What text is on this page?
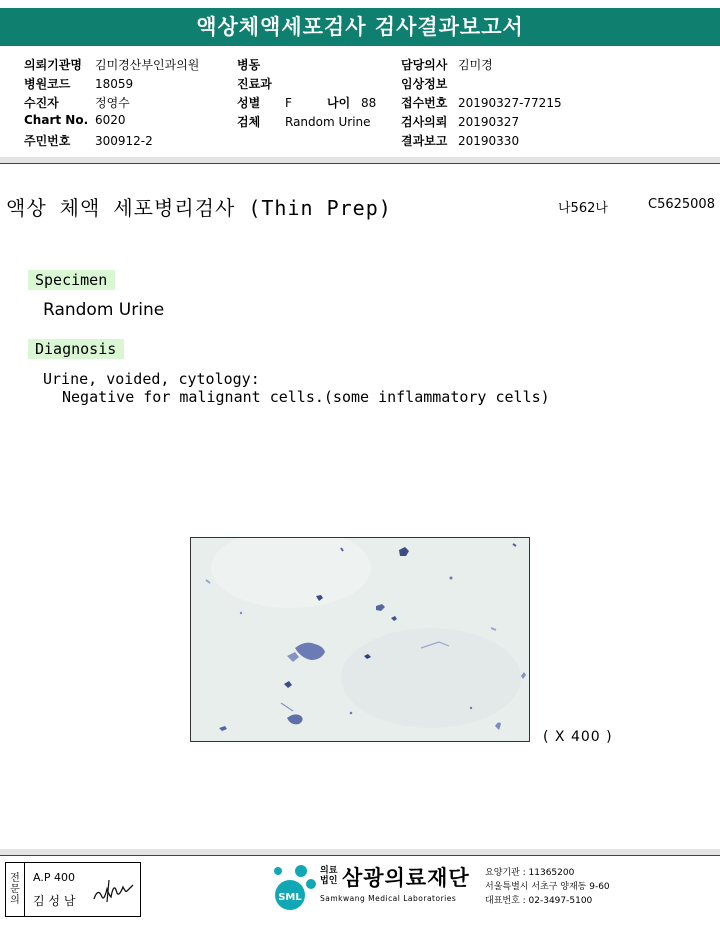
액상체액세포검사 검사결과보고서
의뢰기관명 김미경산부인과의원
병원코드 18059
수진자	정영수
Chart No. 6020
주민번호 300912-2
병동
진료과
성별 F	나이 88
검체 Random Urine
담당의사 김미경
임상정보
접수번호 20190327-77215
검사의뢰 20190327
결과보고 20190330
액상 체액 세포병리검사 (Thin Prep)	나562나	C5625008
Specimen
Random Urine
Diagnosis
Urine, voided, cytology:
Negative for malignant cells.(some inflammatory cells)
( X 400 )
전
문
의
A.P 400
김 성 남	SML
의료
법인 삼광의료재단
Samkwang Medical Laboratories
요양기관 : 11365200
서울특별시 서초구 양재동 9-60
대표번호 : 02-3497-5100
